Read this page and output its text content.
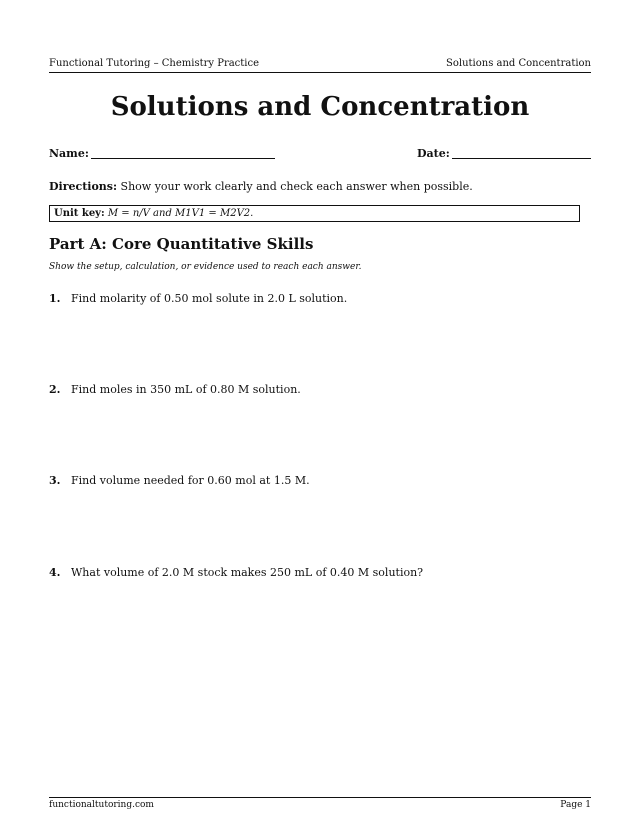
Functional Tutoring – Chemistry Practice	Solutions and Concentration
Solutions and Concentration
Name:	Date:
Directions: Show your work clearly and check each answer when possible.
Unit key: M = n/V and M1V1 = M2V2.
Part A: Core Quantitative Skills
Show the setup, calculation, or evidence used to reach each answer.
1. Find molarity of 0.50 mol solute in 2.0 L solution.
2. Find moles in 350 mL of 0.80 M solution.
3. Find volume needed for 0.60 mol at 1.5 M.
4. What volume of 2.0 M stock makes 250 mL of 0.40 M solution?
functionaltutoring.com	Page 1
